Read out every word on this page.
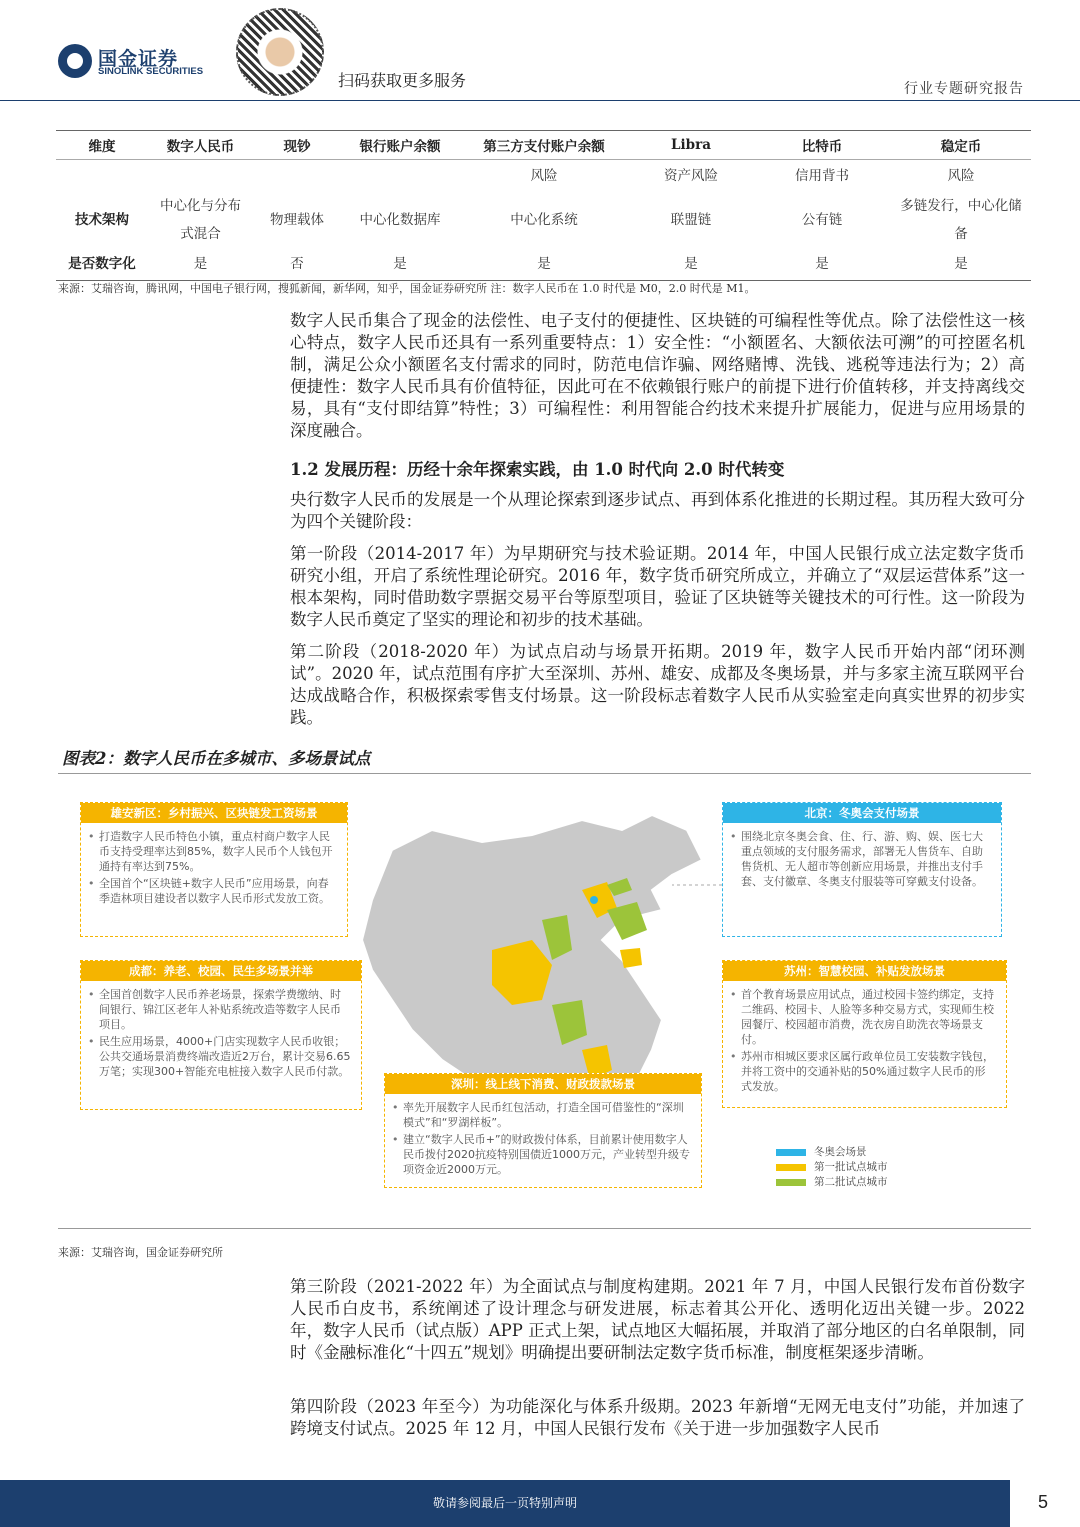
国金证券
SINOLINK SECURITIES	扫码获取更多服务	行业专题研究报告
维度	数字人民币	现钞	银行账户余额	第三方支付账户余额	Libra	比特币	稳定币
				风险	资产风险	信用背书	风险
技术架构	中心化与分布式混合	物理载体	中心化数据库	中心化系统	联盟链	公有链	多链发行，中心化储备
是否数字化	是	否	是	是	是	是	是
来源：艾瑞咨询，腾讯网，中国电子银行网，搜狐新闻，新华网，知乎，国金证券研究所 注：数字人民币在 1.0 时代是 M0，2.0 时代是 M1。
数字人民币集合了现金的法偿性、电子支付的便捷性、区块链的可编程性等优点。除了法偿性这一核心特点，数字人民币还具有一系列重要特点：1）安全性：“小额匿名、大额依法可溯”的可控匿名机制，满足公众小额匿名支付需求的同时，防范电信诈骗、网络赌博、洗钱、逃税等违法行为；2）高便捷性：数字人民币具有价值特征，因此可在不依赖银行账户的前提下进行价值转移，并支持离线交易，具有“支付即结算”特性；3）可编程性：利用智能合约技术来提升扩展能力，促进与应用场景的深度融合。
1.2 发展历程：历经十余年探索实践，由 1.0 时代向 2.0 时代转变
央行数字人民币的发展是一个从理论探索到逐步试点、再到体系化推进的长期过程。其历程大致可分为四个关键阶段：
第一阶段（2014-2017 年）为早期研究与技术验证期。2014 年，中国人民银行成立法定数字货币研究小组，开启了系统性理论研究。2016 年，数字货币研究所成立，并确立了“双层运营体系”这一根本架构，同时借助数字票据交易平台等原型项目，验证了区块链等关键技术的可行性。这一阶段为数字人民币奠定了坚实的理论和初步的技术基础。
第二阶段（2018-2020 年）为试点启动与场景开拓期。2019 年，数字人民币开始内部“闭环测试”。2020 年，试点范围有序扩大至深圳、苏州、雄安、成都及冬奥场景，并与多家主流互联网平台达成战略合作，积极探索零售支付场景。这一阶段标志着数字人民币从实验室走向真实世界的初步实践。
图表2：数字人民币在多城市、多场景试点
雄安新区：乡村振兴、区块链发工资场景
• 打造数字人民币特色小镇，重点村商户数字人民币支持受理率达到85%，数字人民币个人钱包开通持有率达到75%。
• 全国首个“区块链+数字人民币”应用场景，向春季造林项目建设者以数字人民币形式发放工资。
成都：养老、校园、民生多场景并举
• 全国首创数字人民币养老场景，探索学费缴纳、时间银行、锦江区老年人补贴系统改造等数字人民币项目。
• 民生应用场景，4000+门店实现数字人民币收银；公共交通场景消费终端改造近2万台，累计交易6.65万笔；实现300+智能充电桩接入数字人民币付款。
深圳：线上线下消费、财政拨款场景
• 率先开展数字人民币红包活动，打造全国可借鉴性的“深圳模式”和“罗湖样板”。
• 建立“数字人民币+”的财政拨付体系，目前累计使用数字人民币拨付2020抗疫特别国债近1000万元，产业转型升级专项资金近2000万元。
北京：冬奥会支付场景
• 围绕北京冬奥会食、住、行、游、购、娱、医七大重点领域的支付服务需求，部署无人售货车、自助售货机、无人超市等创新应用场景，并推出支付手套、支付徽章、冬奥支付服装等可穿戴支付设备。
苏州：智慧校园、补贴发放场景
• 首个教育场景应用试点，通过校园卡签约绑定，支持二维码、校园卡、人脸等多种交易方式，实现师生校园餐厅、校园超市消费，洗衣房自助洗衣等场景支付。
• 苏州市相城区要求区属行政单位员工安装数字钱包，并将工资中的交通补贴的50%通过数字人民币的形式发放。
冬奥会场景
第一批试点城市
第二批试点城市
来源：艾瑞咨询，国金证券研究所
第三阶段（2021-2022 年）为全面试点与制度构建期。2021 年 7 月，中国人民银行发布首份数字人民币白皮书，系统阐述了设计理念与研发进展，标志着其公开化、透明化迈出关键一步。2022 年，数字人民币（试点版）APP 正式上架，试点地区大幅拓展，并取消了部分地区的白名单限制，同时《金融标准化“十四五”规划》明确提出要研制法定数字货币标准，制度框架逐步清晰。
第四阶段（2023 年至今）为功能深化与体系升级期。2023 年新增“无网无电支付”功能，并加速了跨境支付试点。2025 年 12 月，中国人民银行发布《关于进一步加强数字人民币
敬请参阅最后一页特别声明	5
